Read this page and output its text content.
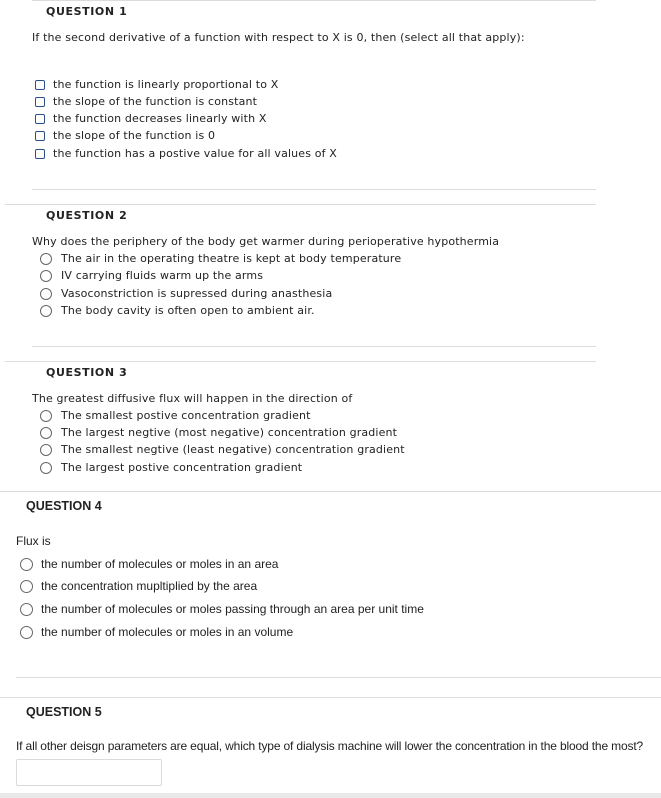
QUESTION 1
If the second derivative of a function with respect to X is 0, then (select all that apply):
the function is linearly proportional to X
the slope of the function is constant
the function decreases linearly with X
the slope of the function is 0
the function has a postive value for all values of X
QUESTION 2
Why does the periphery of the body get warmer during perioperative hypothermia
The air in the operating theatre is kept at body temperature
IV carrying fluids warm up the arms
Vasoconstriction is supressed during anasthesia
The body cavity is often open to ambient air.
QUESTION 3
The greatest diffusive flux will happen in the direction of
The smallest postive concentration gradient
The largest negtive (most negative) concentration gradient
The smallest negtive (least negative) concentration gradient
The largest postive concentration gradient
QUESTION 4
Flux is
the number of molecules or moles in an area
the concentration mupltiplied by the area
the number of molecules or moles passing through an area per unit time
the number of molecules or moles in an volume
QUESTION 5
If all other deisgn parameters are equal, which type of dialysis machine will lower the concentration in the blood the most?
